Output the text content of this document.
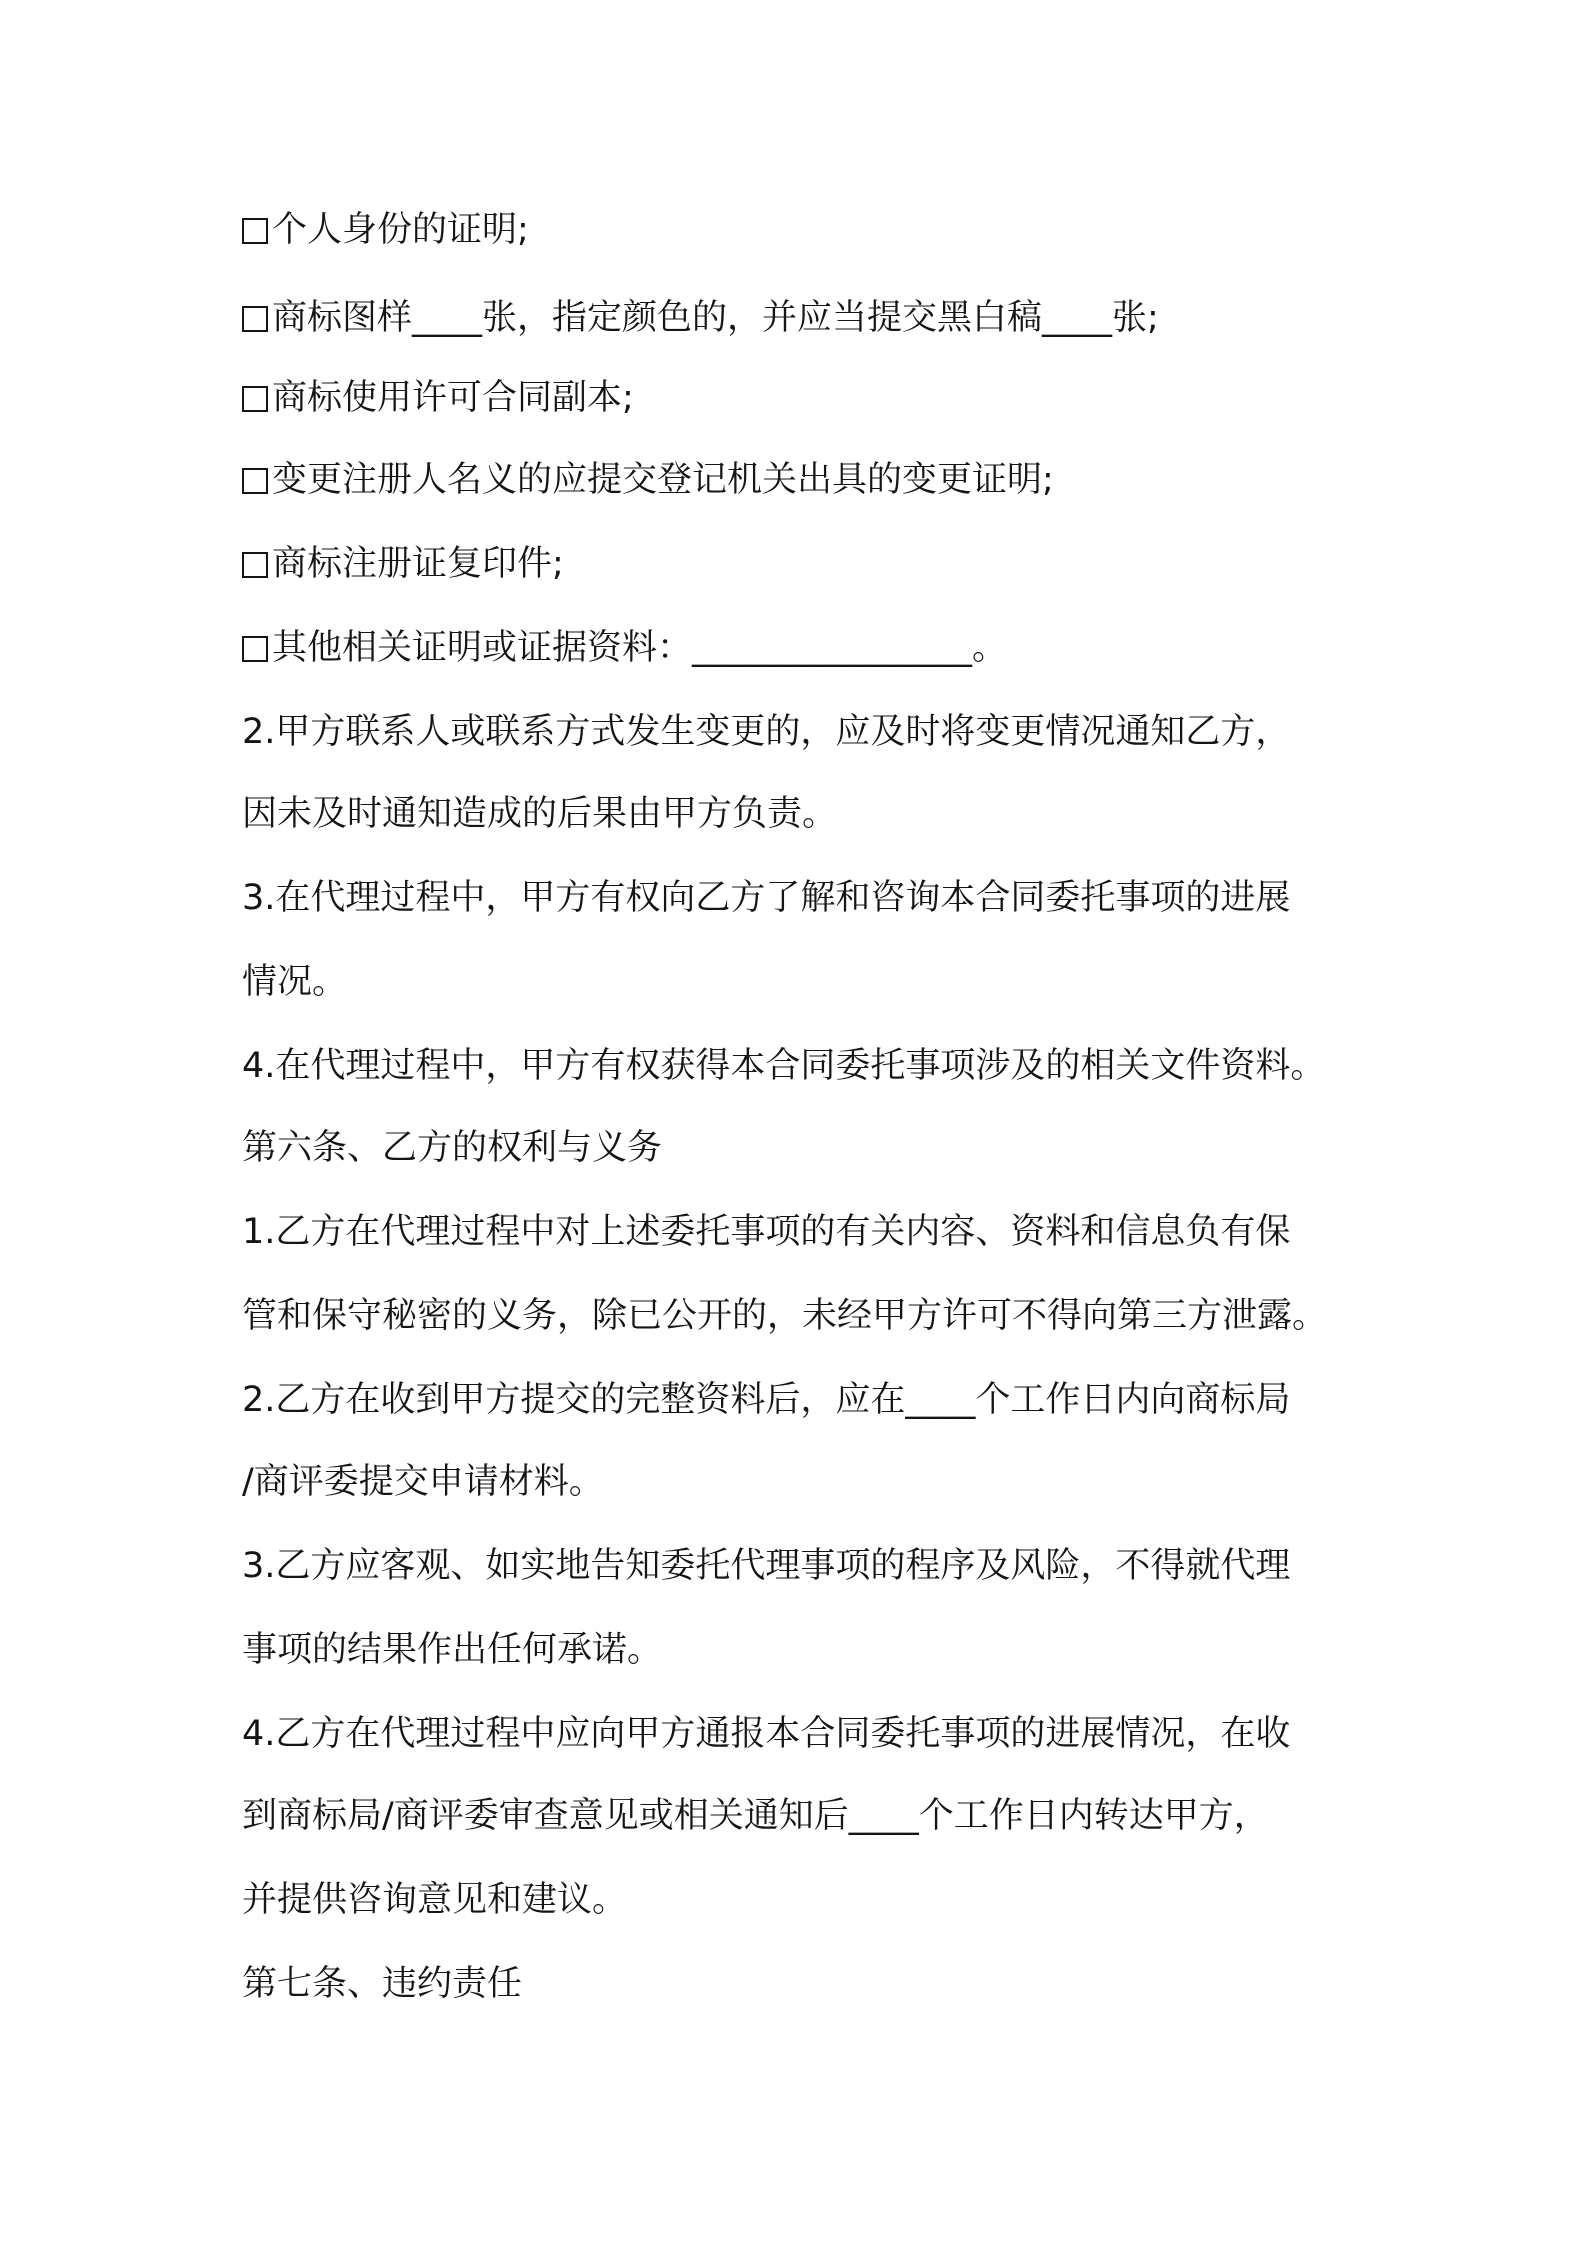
个人身份的证明;
商标图样____张，指定颜色的，并应当提交黑白稿____张;
商标使用许可合同副本;
变更注册人名义的应提交登记机关出具的变更证明;
商标注册证复印件;
其他相关证明或证据资料：________________。
2.甲方联系人或联系方式发生变更的，应及时将变更情况通知乙方，
因未及时通知造成的后果由甲方负责。
3.在代理过程中，甲方有权向乙方了解和咨询本合同委托事项的进展
情况。
4.在代理过程中，甲方有权获得本合同委托事项涉及的相关文件资料。
第六条、乙方的权利与义务
1.乙方在代理过程中对上述委托事项的有关内容、资料和信息负有保
管和保守秘密的义务，除已公开的，未经甲方许可不得向第三方泄露。
2.乙方在收到甲方提交的完整资料后，应在____个工作日内向商标局
/商评委提交申请材料。
3.乙方应客观、如实地告知委托代理事项的程序及风险，不得就代理
事项的结果作出任何承诺。
4.乙方在代理过程中应向甲方通报本合同委托事项的进展情况，在收
到商标局/商评委审查意见或相关通知后____个工作日内转达甲方，
并提供咨询意见和建议。
第七条、违约责任
